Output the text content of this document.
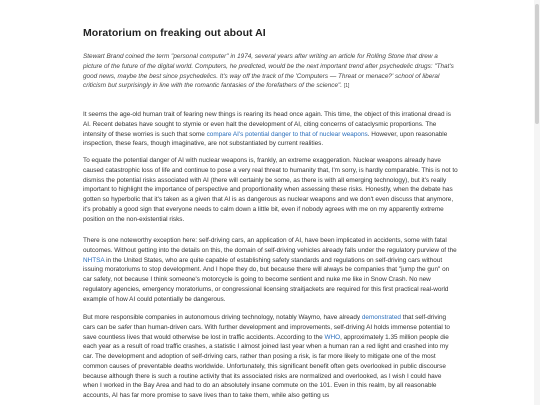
Moratorium on freaking out about AI

Stewart Brand coined the term "personal computer" in 1974, several years after writing an article for Rolling Stone that drew a picture of the future of the digital world. Computers, he predicted, would be the next important trend after psychedelic drugs: "That's good news, maybe the best since psychedelics. It's way off the track of the 'Computers — Threat or menace?' school of liberal criticism but surprisingly in line with the romantic fantasies of the forefathers of the science". [1]

It seems the age-old human trait of fearing new things is rearing its head once again. This time, the object of this irrational dread is AI. Recent debates have sought to stymie or even halt the development of AI, citing concerns of cataclysmic proportions. The intensity of these worries is such that some compare AI's potential danger to that of nuclear weapons. However, upon reasonable inspection, these fears, though imaginative, are not substantiated by current realities.

To equate the potential danger of AI with nuclear weapons is, frankly, an extreme exaggeration. Nuclear weapons already have caused catastrophic loss of life and continue to pose a very real threat to humanity that, I'm sorry, is hardly comparable. This is not to dismiss the potential risks associated with AI (there will certainly be some, as there is with all emerging technology), but it's really important to highlight the importance of perspective and proportionality when assessing these risks. Honestly, when the debate has gotten so hyperbolic that it's taken as a given that AI is as dangerous as nuclear weapons and we don't even discuss that anymore, it's probably a good sign that everyone needs to calm down a little bit, even if nobody agrees with me on my apparently extreme position on the non-existential risks.

There is one noteworthy exception here: self-driving cars, an application of AI, have been implicated in accidents, some with fatal outcomes. Without getting into the details on this, the domain of self-driving vehicles already falls under the regulatory purview of the NHTSA in the United States, who are quite capable of establishing safety standards and regulations on self-driving cars without issuing moratoriums to stop development. And I hope they do, but because there will always be companies that "jump the gun" on car safety, not because I think someone's motorcycle is going to become sentient and nuke me like in Snow Crash. No new regulatory agencies, emergency moratoriums, or congressional licensing straitjackets are required for this first practical real-world example of how AI could potentially be dangerous.

But more responsible companies in autonomous driving technology, notably Waymo, have already demonstrated that self-driving cars can be safer than human-driven cars. With further development and improvements, self-driving AI holds immense potential to save countless lives that would otherwise be lost in traffic accidents. According to the WHO, approximately 1.35 million people die each year as a result of road traffic crashes, a statistic I almost joined last year when a human ran a red light and crashed into my car. The development and adoption of self-driving cars, rather than posing a risk, is far more likely to mitigate one of the most common causes of preventable deaths worldwide. Unfortunately, this significant benefit often gets overlooked in public discourse because although there is such a routine activity that its associated risks are normalized and overlooked, as I wish I could have when I worked in the Bay Area and had to do an absolutely insane commute on the 101. Even in this realm, by all reasonable accounts, AI has far more promise to save lives than to take them, while also getting us
